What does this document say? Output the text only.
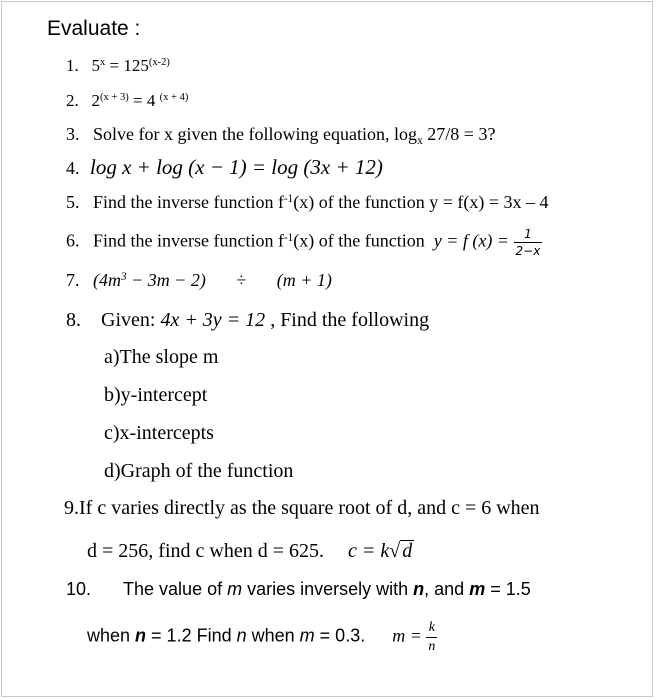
Evaluate :
1. $5^x = 125^{(x-2)}$
2. $2^{(x + 3)} = 4$ $^{(x + 4)}$
3. Solve for x given the following equation, $\log_x 27/8 = 3$?
4. log x + log (x − 1) = log (3x + 12)
5. Find the inverse function $f^{-1}(x)$ of the function y = f(x) = 3x – 4
6. Find the inverse function $f^{-1}(x)$ of the function  y = f $(x) = \frac{1}{2-x}$
7. $(4m^3 - 3m - 2) \div (m + 1)$
8. Given: 4x + 3y = 12 , Find the following
a)The slope m
b)y-intercept
c)x-intercepts
d)Graph of the function
9.If c varies directly as the square root of d, and c = 6 when
d = 256, find c when d = 625. c = k√ d
10. The value of m varies inversely with n, and m = 1.5
when n = 1.2 Find n when m = 0.3. $m = \frac{k}{n}$
